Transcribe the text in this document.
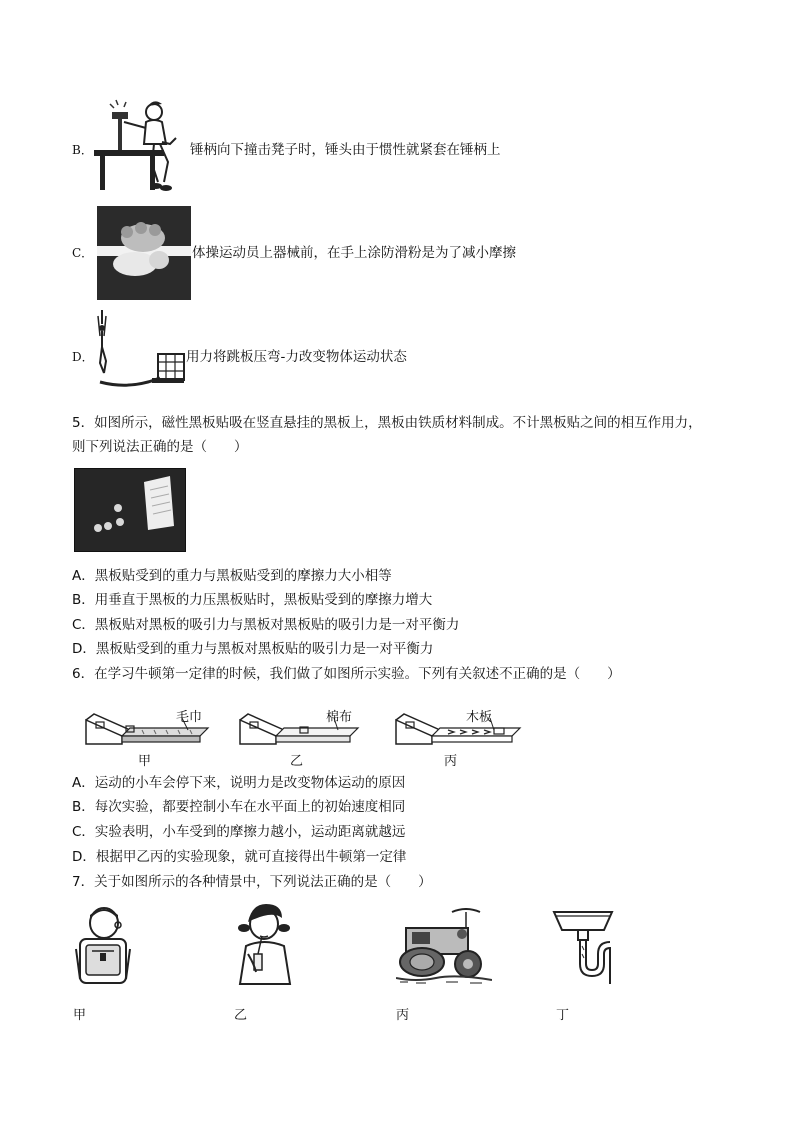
B．	锤柄向下撞击凳子时，锤头由于惯性就紧套在锤柄上
C．	体操运动员上器械前，在手上涂防滑粉是为了减小摩擦
D．	用力将跳板压弯-力改变物体运动状态
5．如图所示，磁性黑板贴吸在竖直悬挂的黑板上，黑板由铁质材料制成。不计黑板贴之间的相互作用力，
则下列说法正确的是（　　）
A．黑板贴受到的重力与黑板贴受到的摩擦力大小相等
B．用垂直于黑板的力压黑板贴时，黑板贴受到的摩擦力增大
C．黑板贴对黑板的吸引力与黑板对黑板贴的吸引力是一对平衡力
D．黑板贴受到的重力与黑板对黑板贴的吸引力是一对平衡力
6．在学习牛顿第一定律的时候，我们做了如图所示实验。下列有关叙述不正确的是（　　）
毛巾
甲
棉布
乙
木板
丙
A．运动的小车会停下来，说明力是改变物体运动的原因
B．每次实验，都要控制小车在水平面上的初始速度相同
C．实验表明，小车受到的摩擦力越小，运动距离就越远
D．根据甲乙丙的实验现象，就可直接得出牛顿第一定律
7．关于如图所示的各种情景中，下列说法正确的是（　　）
甲	乙	丙	丁
